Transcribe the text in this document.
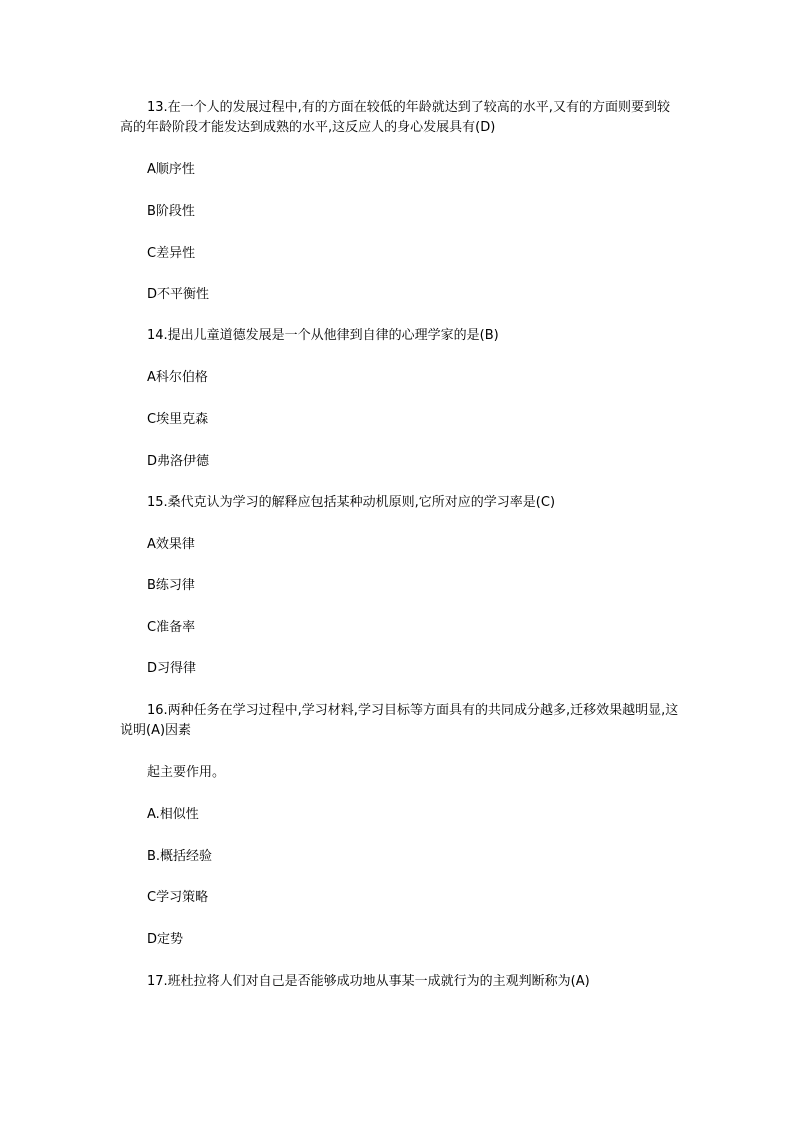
13.在一个人的发展过程中,有的方面在较低的年龄就达到了较高的水平,又有的方面则要到较高的年龄阶段才能发达到成熟的水平,这反应人的身心发展具有(D)
A顺序性
B阶段性
C差异性
D不平衡性
14.提出儿童道德发展是一个从他律到自律的心理学家的是(B)
A科尔伯格
C埃里克森
D弗洛伊德
15.桑代克认为学习的解释应包括某种动机原则,它所对应的学习率是(C)
A效果律
B练习律
C准备率
D习得律
16.两种任务在学习过程中,学习材料,学习目标等方面具有的共同成分越多,迁移效果越明显,这说明(A)因素
起主要作用。
A.相似性
B.概括经验
C学习策略
D定势
17.班杜拉将人们对自己是否能够成功地从事某一成就行为的主观判断称为(A)
